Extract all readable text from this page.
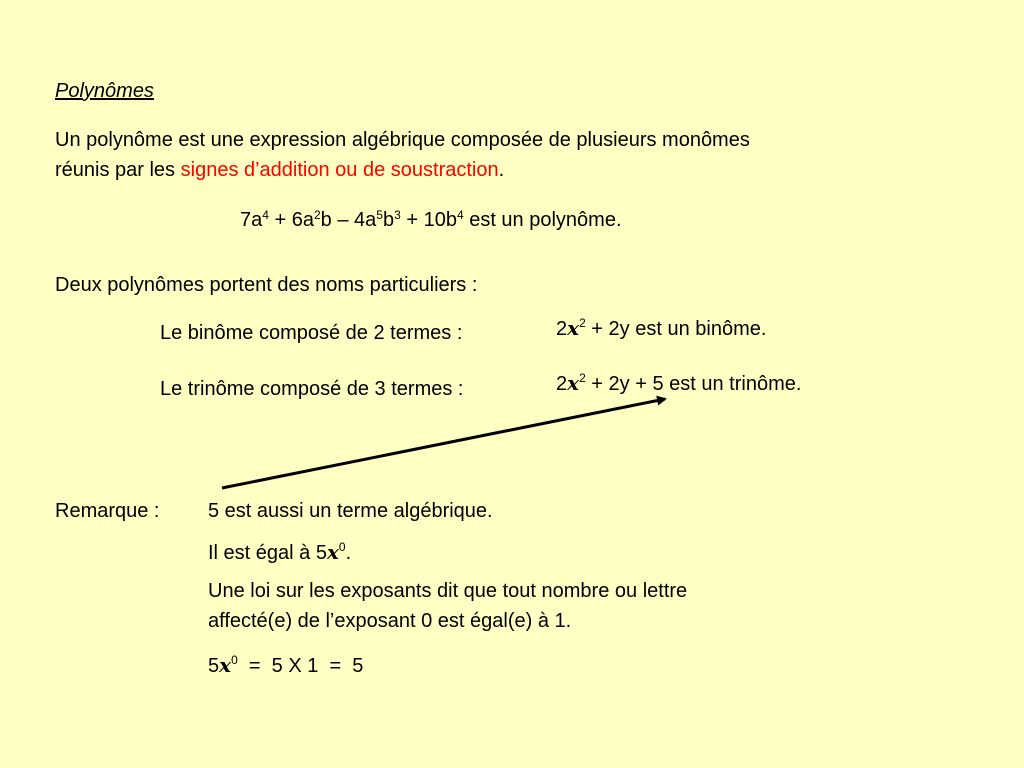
Polynômes
Un polynôme est une expression algébrique composée de plusieurs monômes
réunis par les signes d’addition ou de soustraction.
$7a^4 + 6a^2b - 4a^5b^3 + 10b^4$ est un polynôme.
Deux polynômes portent des noms particuliers :
Le binôme composé de 2 termes :	$2x^2 + 2y$ est un binôme.
Le trinôme composé de 3 termes :	$2x^2 + 2y + 5$ est un trinôme.
Remarque : 5 est aussi un terme algébrique.
Il est égal à $5x^0$.
Une loi sur les exposants dit que tout nombre ou lettre
affecté(e) de l’exposant 0 est égal(e) à 1.
$5x^0 = 5$ X 1  =  5
